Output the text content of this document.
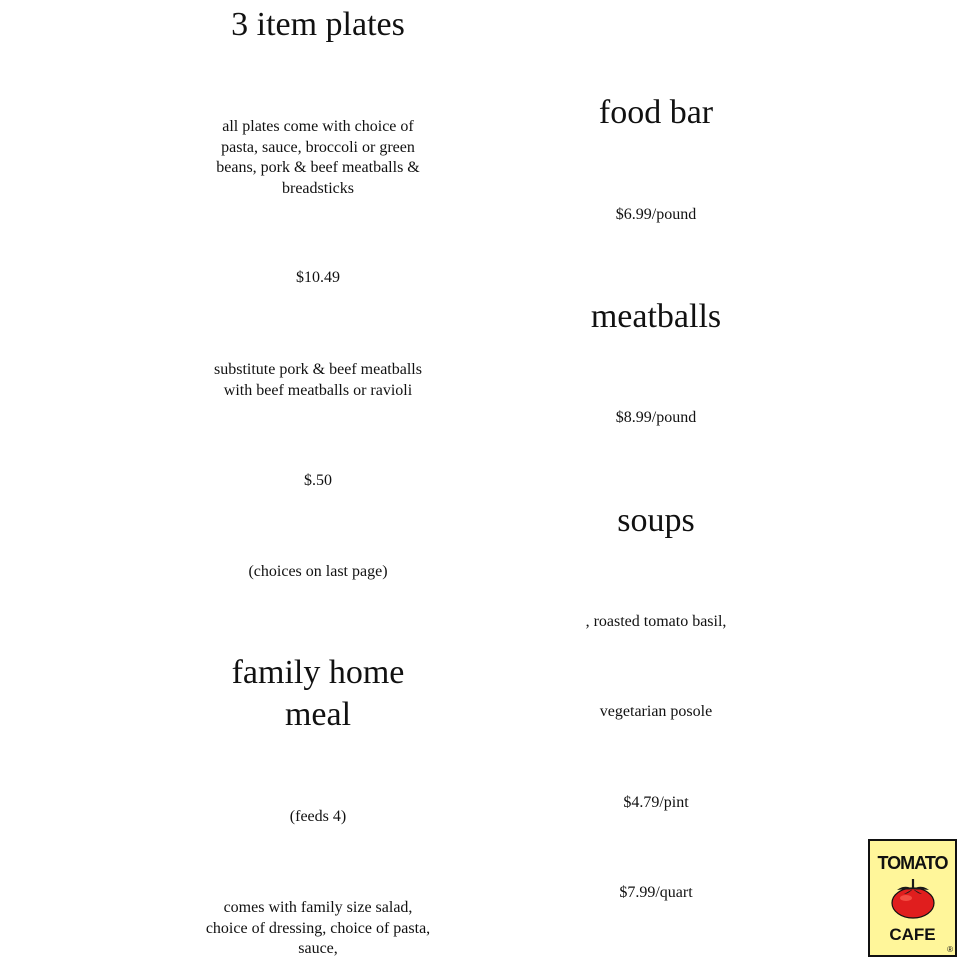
3 item plates
all plates come with choice of
pasta, sauce, broccoli or green
beans, pork & beef meatballs &
breadsticks
$10.49
substitute pork & beef meatballs
with beef meatballs or ravioli
$.50
(choices on last page)
family home
meal
(feeds 4)
comes with family size salad,
choice of dressing, choice of pasta,
sauce,
food bar
$6.99/pound
meatballs
$8.99/pound
soups
, roasted tomato basil,
vegetarian posole
$4.79/pint
$7.99/quart
TOMATO
CAFE
®
